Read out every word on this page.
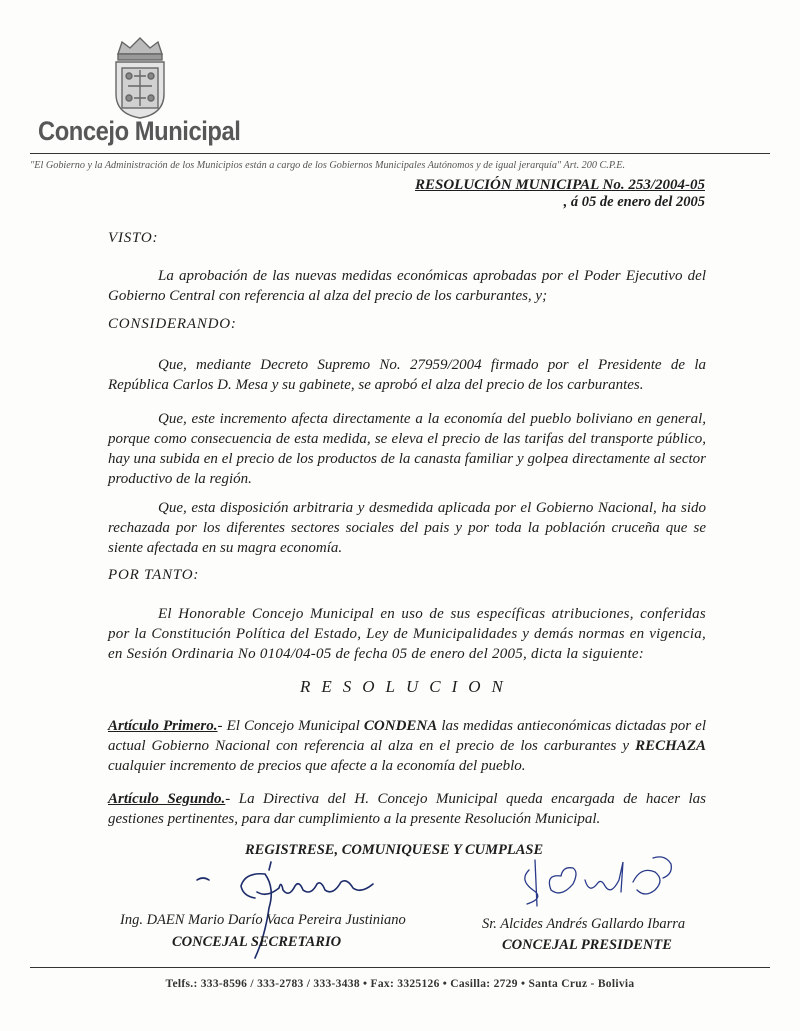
Concejo Municipal
"El Gobierno y la Administración de los Municipios están a cargo de los Gobiernos Municipales Autónomos y de igual jerarquía" Art. 200 C.P.E.
RESOLUCIÓN MUNICIPAL No. 253/2004-05
, á 05 de enero del 2005
VISTO:
La aprobación de las nuevas medidas económicas aprobadas por el Poder Ejecutivo del Gobierno Central con referencia al alza del precio de los carburantes, y;
CONSIDERANDO:
Que, mediante Decreto Supremo No. 27959/2004 firmado por el Presidente de la República Carlos D. Mesa y su gabinete, se aprobó el alza del precio de los carburantes.
Que, este incremento afecta directamente a la economía del pueblo boliviano en general, porque como consecuencia de esta medida, se eleva el precio de las tarifas del transporte público, hay una subida en el precio de los productos de la canasta familiar y golpea directamente al sector productivo de la región.
Que, esta disposición arbitraria y desmedida aplicada por el Gobierno Nacional, ha sido rechazada por los diferentes sectores sociales del pais y por toda la población cruceña que se siente afectada en su magra economía.
POR TANTO:
El Honorable Concejo Municipal en uso de sus específicas atribuciones, conferidas por la Constitución Política del Estado, Ley de Municipalidades y demás normas en vigencia, en Sesión Ordinaria No 0104/04-05 de fecha 05 de enero del 2005, dicta la siguiente:
RESOLUCION
Artículo Primero.- El Concejo Municipal CONDENA las medidas antieconómicas dictadas por el actual Gobierno Nacional con referencia al alza en el precio de los carburantes y RECHAZA cualquier incremento de precios que afecte a la economía del pueblo.
Artículo Segundo.- La Directiva del H. Concejo Municipal queda encargada de hacer las gestiones pertinentes, para dar cumplimiento a la presente Resolución Municipal.
REGISTRESE, COMUNIQUESE Y CUMPLASE
Ing. DAEN Mario Darío Vaca Pereira Justiniano
CONCEJAL SECRETARIO
Sr. Alcides Andrés Gallardo Ibarra
CONCEJAL PRESIDENTE
Telfs.: 333-8596 / 333-2783 / 333-3438 • Fax: 3325126 • Casilla: 2729 • Santa Cruz - Bolivia
